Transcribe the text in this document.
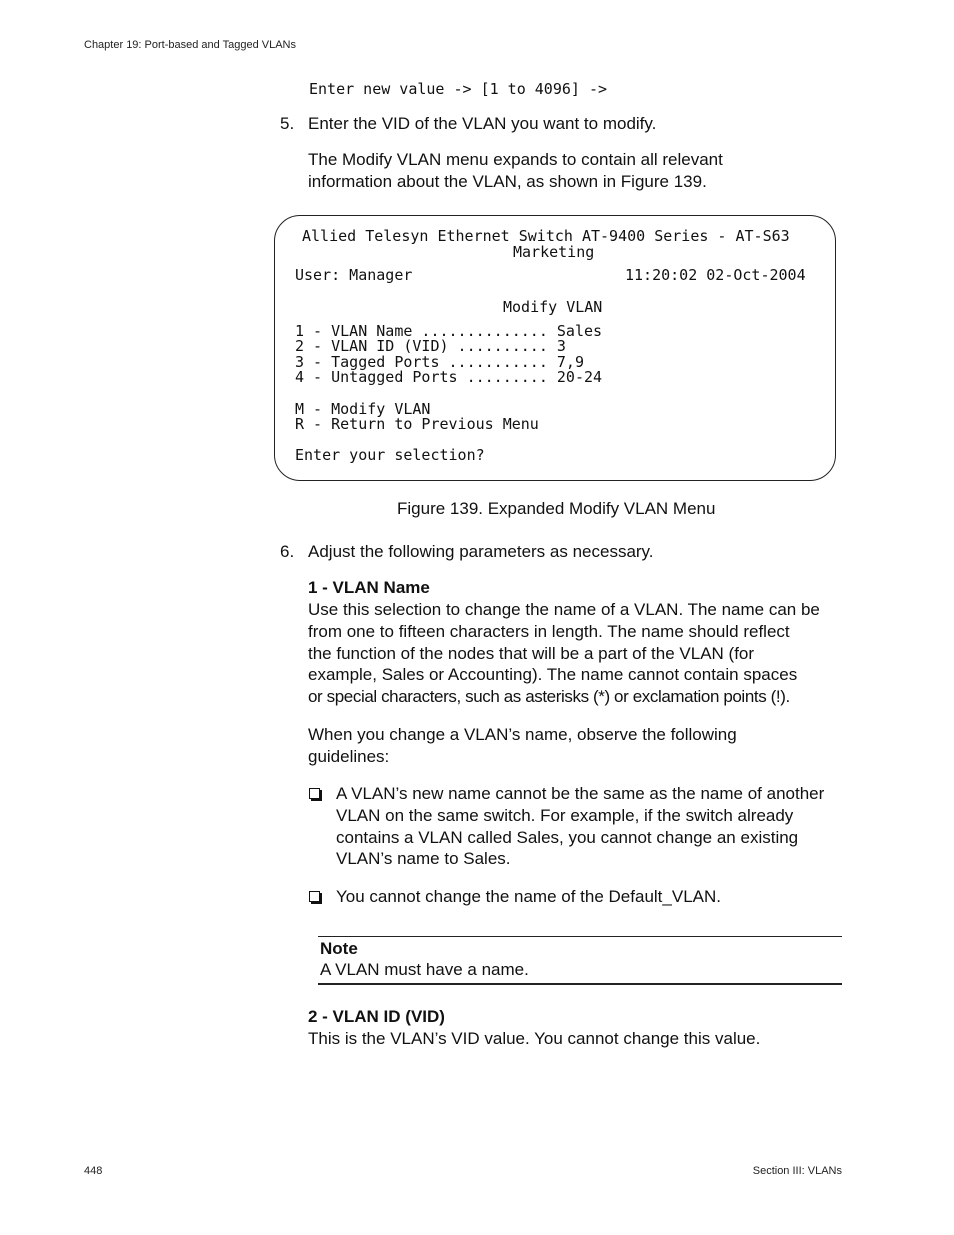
Chapter 19: Port-based and Tagged VLANs
Enter new value -> [1 to 4096] ->
5. Enter the VID of the VLAN you want to modify.
The Modify VLAN menu expands to contain all relevant
information about the VLAN, as shown in Figure 139.
Allied Telesyn Ethernet Switch AT-9400 Series - AT-S63
Marketing
User: Manager	11:20:02 02-Oct-2004
Modify VLAN
1 - VLAN Name .............. Sales
2 - VLAN ID (VID) .......... 3
3 - Tagged Ports ........... 7,9
4 - Untagged Ports ......... 20-24
M - Modify VLAN
R - Return to Previous Menu
Enter your selection?
Figure 139. Expanded Modify VLAN Menu
6. Adjust the following parameters as necessary.
1 - VLAN Name
Use this selection to change the name of a VLAN. The name can be
from one to fifteen characters in length. The name should reflect
the function of the nodes that will be a part of the VLAN (for
example, Sales or Accounting). The name cannot contain spaces
or special characters, such as asterisks (*) or exclamation points (!).
When you change a VLAN’s name, observe the following
guidelines:
A VLAN’s new name cannot be the same as the name of another
VLAN on the same switch. For example, if the switch already
contains a VLAN called Sales, you cannot change an existing
VLAN’s name to Sales.
You cannot change the name of the Default_VLAN.
Note
A VLAN must have a name.
2 - VLAN ID (VID)
This is the VLAN’s VID value. You cannot change this value.
448	Section III: VLANs
